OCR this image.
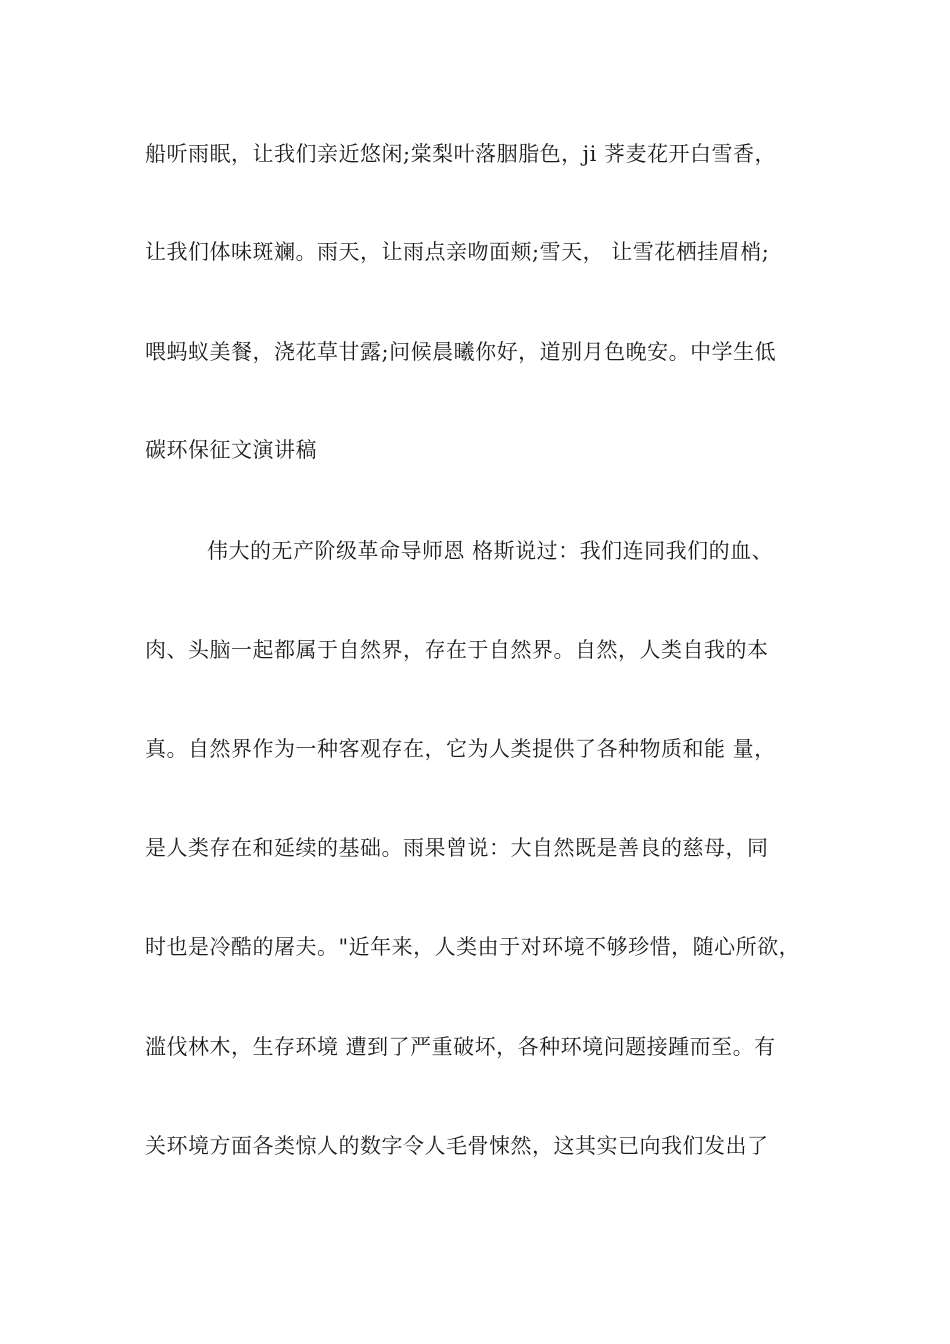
船听雨眠，让我们亲近悠闲;棠梨叶落胭脂色，ji 荠麦花开白雪香，
让我们体味斑斓。雨天，让雨点亲吻面颊;雪天， 让雪花栖挂眉梢;
喂蚂蚁美餐，浇花草甘露;问候晨曦你好，道别月色晚安。中学生低
碳环保征文演讲稿
伟大的无产阶级革命导师恩 格斯说过：我们连同我们的血、
肉、头脑一起都属于自然界，存在于自然界。自然，人类自我的本
真。自然界作为一种客观存在，它为人类提供了各种物质和能 量，
是人类存在和延续的基础。雨果曾说：大自然既是善良的慈母，同
时也是冷酷的屠夫。"近年来，人类由于对环境不够珍惜，随心所欲，
滥伐林木，生存环境 遭到了严重破坏，各种环境问题接踵而至。有
关环境方面各类惊人的数字令人毛骨悚然，这其实已向我们发出了
